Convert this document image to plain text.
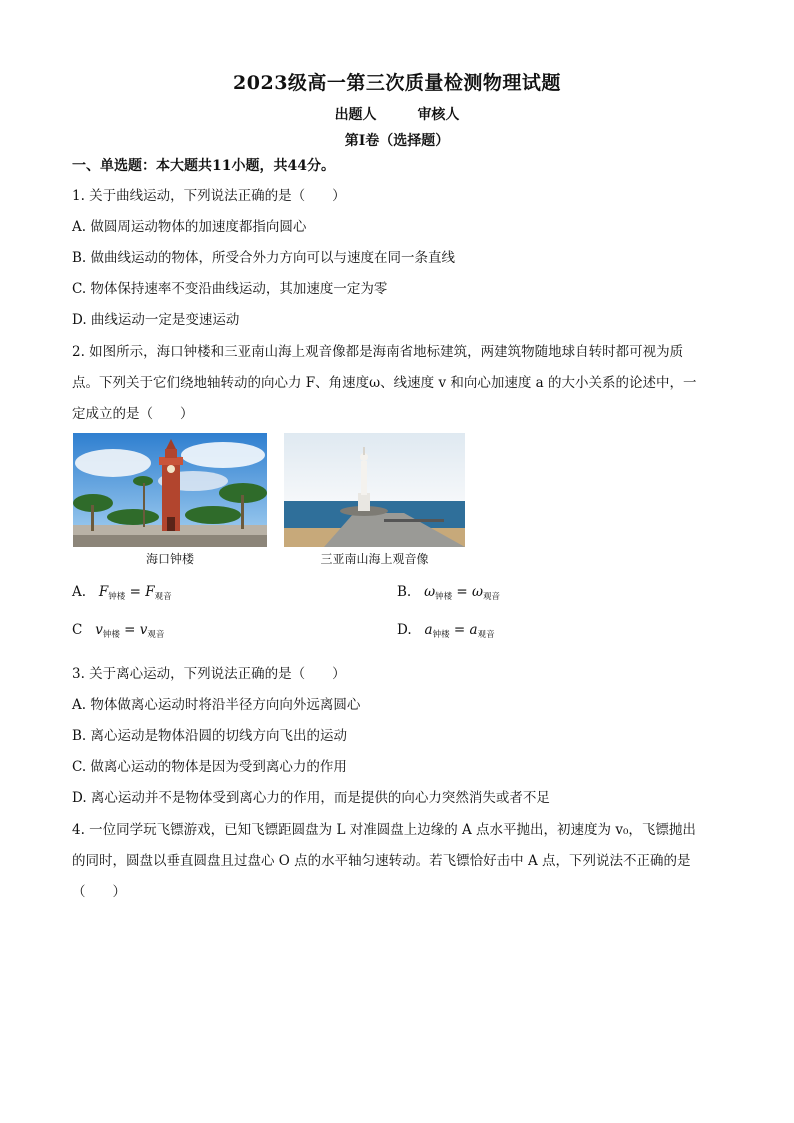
2023级高一第三次质量检测物理试题
出题人	审核人
第I卷（选择题）
一、单选题：本大题共11小题，共44分。
1. 关于曲线运动，下列说法正确的是（　　）
A. 做圆周运动物体的加速度都指向圆心
B. 做曲线运动的物体，所受合外力方向可以与速度在同一条直线
C. 物体保持速率不变沿曲线运动，其加速度一定为零
D. 曲线运动一定是变速运动
2. 如图所示，海口钟楼和三亚南山海上观音像都是海南省地标建筑，两建筑物随地球自转时都可视为质
点。下列关于它们绕地轴转动的向心力 F、角速度ω、线速度 v 和向心加速度 a 的大小关系的论述中，一
定成立的是（　　）
海口钟楼	三亚南山海上观音像
A. $F_{钟楼} = F_{观音}$	B. $\omega_{钟楼} = \omega_{观音}$
C $v_{钟楼} = v_{观音}$	D. $a_{钟楼} = a_{观音}$
3. 关于离心运动，下列说法正确的是（　　）
A. 物体做离心运动时将沿半径方向向外远离圆心
B. 离心运动是物体沿圆的切线方向飞出的运动
C. 做离心运动的物体是因为受到离心力的作用
D. 离心运动并不是物体受到离心力的作用，而是提供的向心力突然消失或者不足
4. 一位同学玩飞镖游戏，已知飞镖距圆盘为 L 对准圆盘上边缘的 A 点水平抛出，初速度为 v₀，飞镖抛出
的同时，圆盘以垂直圆盘且过盘心 O 点的水平轴匀速转动。若飞镖恰好击中 A 点，下列说法不正确的是
（　　）
